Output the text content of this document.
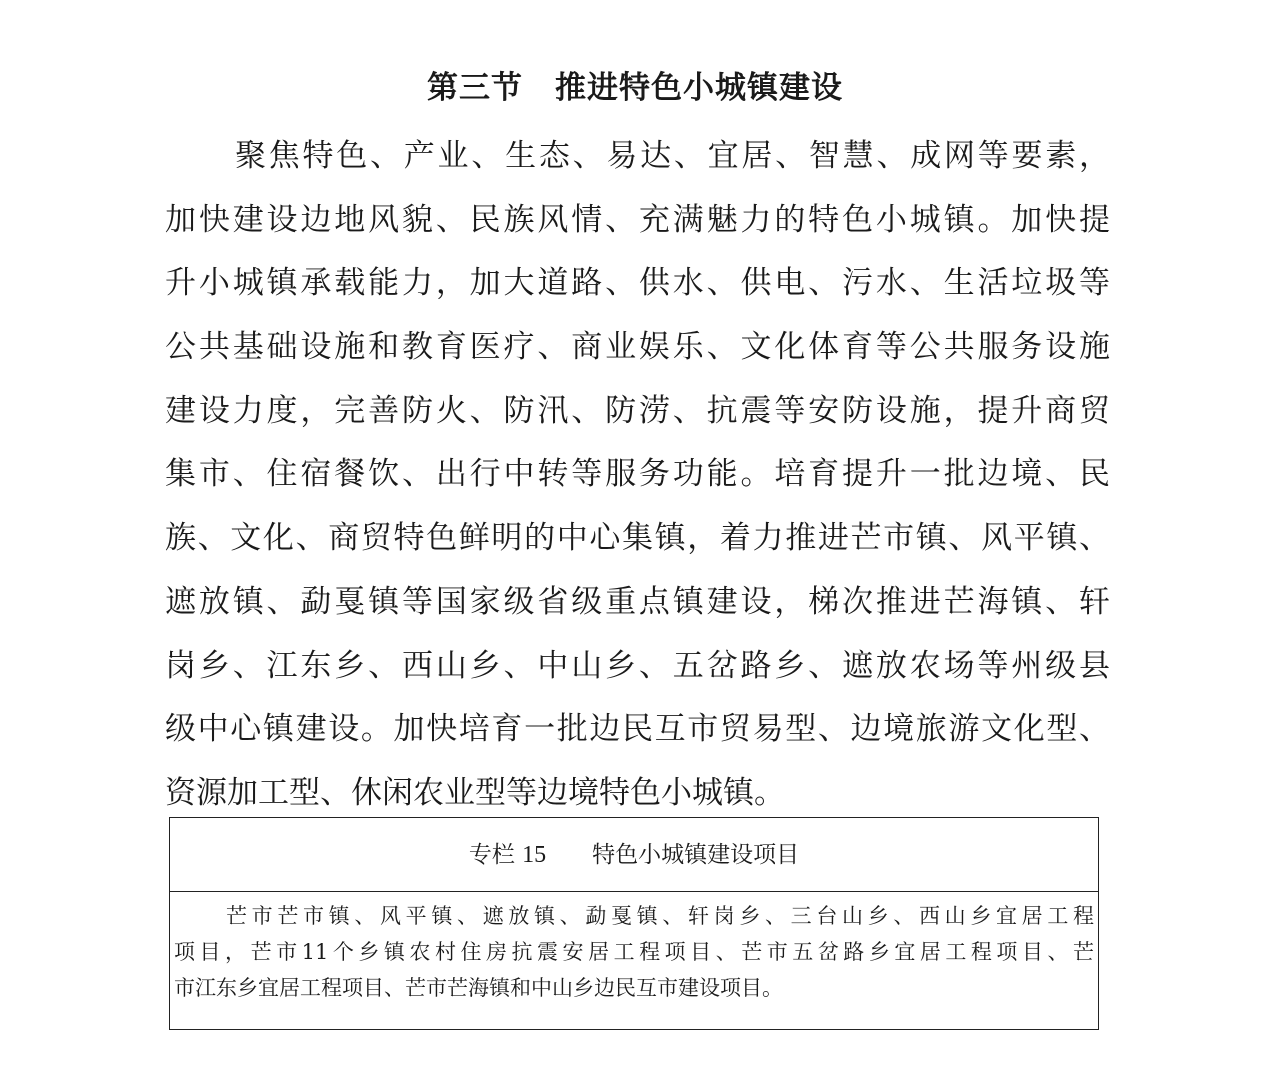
第三节　推进特色小城镇建设
聚焦特色、产业、生态、易达、宜居、智慧、成网等要素，
加快建设边地风貌、民族风情、充满魅力的特色小城镇。加快提
升小城镇承载能力，加大道路、供水、供电、污水、生活垃圾等
公共基础设施和教育医疗、商业娱乐、文化体育等公共服务设施
建设力度，完善防火、防汛、防涝、抗震等安防设施，提升商贸
集市、住宿餐饮、出行中转等服务功能。培育提升一批边境、民
族、文化、商贸特色鲜明的中心集镇，着力推进芒市镇、风平镇、
遮放镇、勐戛镇等国家级省级重点镇建设，梯次推进芒海镇、轩
岗乡、江东乡、西山乡、中山乡、五岔路乡、遮放农场等州级县
级中心镇建设。加快培育一批边民互市贸易型、边境旅游文化型、
资源加工型、休闲农业型等边境特色小城镇。
专栏 15　　 特色小城镇建设项目
芒市芒市镇、风平镇、遮放镇、勐戛镇、轩岗乡、三台山乡、西山乡宜居工程
项目，芒市11个乡镇农村住房抗震安居工程项目、芒市五岔路乡宜居工程项目、芒
市江东乡宜居工程项目、芒市芒海镇和中山乡边民互市建设项目。
